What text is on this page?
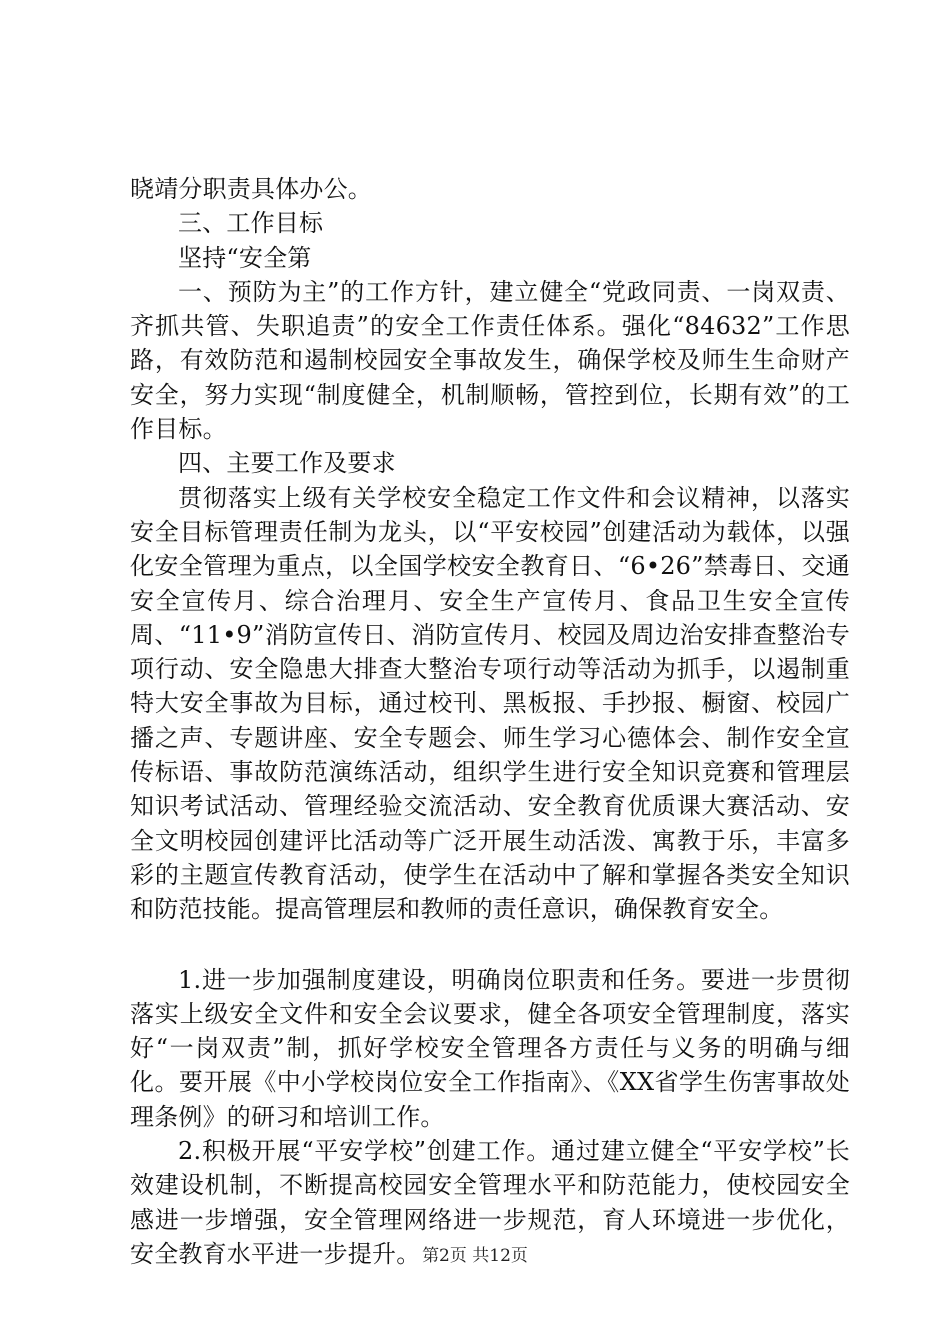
晓靖分职责具体办公。

三、工作目标

坚持“安全第

一、预防为主”的工作方针，建立健全“党政同责、一岗双责、齐抓共管、失职追责”的安全工作责任体系。强化“84632”工作思路，有效防范和遏制校园安全事故发生，确保学校及师生生命财产安全，努力实现“制度健全，机制顺畅，管控到位，长期有效”的工作目标。

四、主要工作及要求

贯彻落实上级有关学校安全稳定工作文件和会议精神，以落实安全目标管理责任制为龙头，以“平安校园”创建活动为载体，以强化安全管理为重点，以全国学校安全教育日、“6•26”禁毒日、交通安全宣传月、综合治理月、安全生产宣传月、食品卫生安全宣传周、“11•9”消防宣传日、消防宣传月、校园及周边治安排查整治专项行动、安全隐患大排查大整治专项行动等活动为抓手，以遏制重特大安全事故为目标，通过校刊、黑板报、手抄报、橱窗、校园广播之声、专题讲座、安全专题会、师生学习心德体会、制作安全宣传标语、事故防范演练活动，组织学生进行安全知识竞赛和管理层知识考试活动、管理经验交流活动、安全教育优质课大赛活动、安全文明校园创建评比活动等广泛开展生动活泼、寓教于乐，丰富多彩的主题宣传教育活动，使学生在活动中了解和掌握各类安全知识和防范技能。提高管理层和教师的责任意识，确保教育安全。

1.进一步加强制度建设，明确岗位职责和任务。要进一步贯彻落实上级安全文件和安全会议要求，健全各项安全管理制度，落实好“一岗双责”制，抓好学校安全管理各方责任与义务的明确与细化。要开展《中小学校岗位安全工作指南》、《XX省学生伤害事故处理条例》的研习和培训工作。

2.积极开展“平安学校”创建工作。通过建立健全“平安学校”长效建设机制，不断提高校园安全管理水平和防范能力，使校园安全感进一步增强，安全管理网络进一步规范，育人环境进一步优化，安全教育水平进一步提升。 第2页 共12页
